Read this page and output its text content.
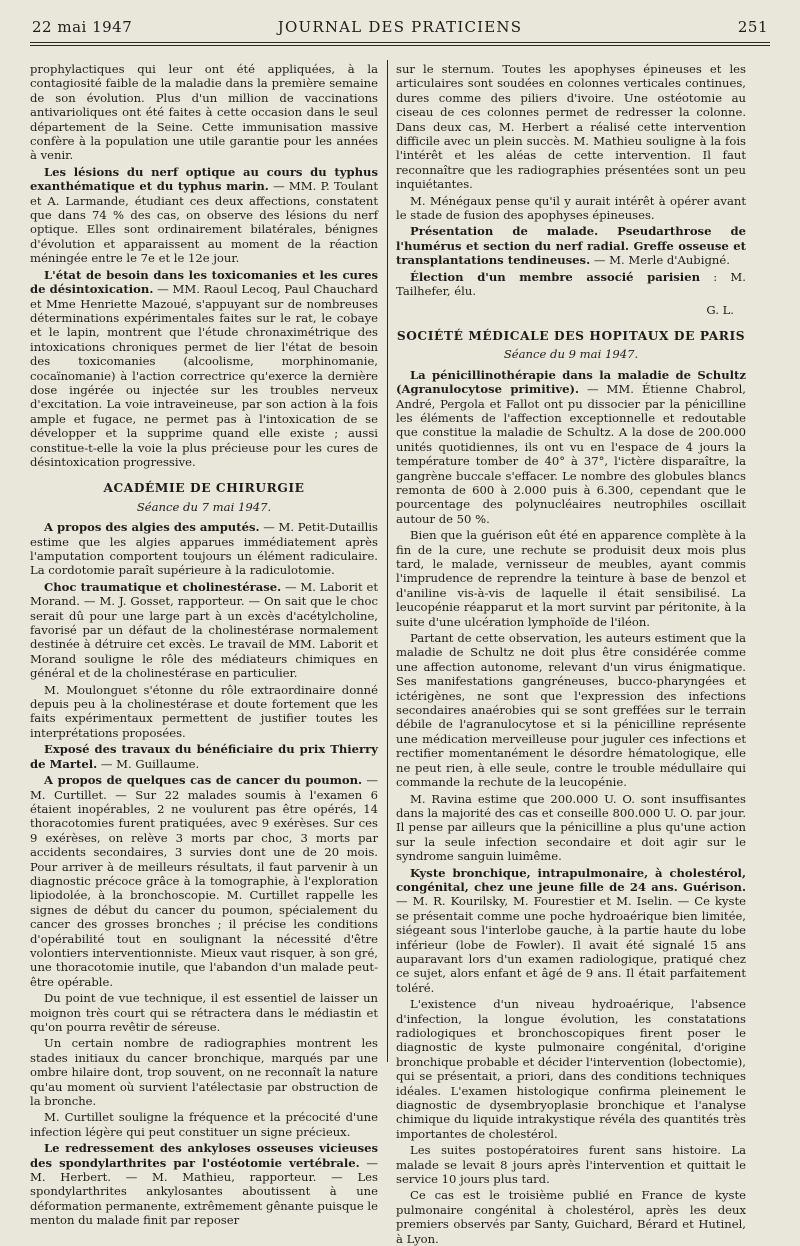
22 mai 1947	JOURNAL DES PRATICIENS	251

prophylactiques qui leur ont été appliquées, à la contagiosité faible de la maladie dans la première semaine de son évolution. Plus d'un million de vaccinations antivarioliques ont été faites à cette occasion dans le seul département de la Seine. Cette immunisation massive confère à la population une utile garantie pour les années à venir.

Les lésions du nerf optique au cours du typhus exanthématique et du typhus marin. — MM. P. Toulant et A. Larmande, étudiant ces deux affections, constatent que dans 74 % des cas, on observe des lésions du nerf optique. Elles sont ordinairement bilatérales, bénignes d'évolution et apparaissent au moment de la réaction méningée entre le 7e et le 12e jour.

L'état de besoin dans les toxicomanies et les cures de désintoxication. — MM. Raoul Lecoq, Paul Chauchard et Mme Henriette Mazoué, s'appuyant sur de nombreuses déterminations expérimentales faites sur le rat, le cobaye et le lapin, montrent que l'étude chronaximétrique des intoxications chroniques permet de lier l'état de besoin des toxicomanies (alcoolisme, morphinomanie, cocaïnomanie) à l'action correctrice qu'exerce la dernière dose ingérée ou injectée sur les troubles nerveux d'excitation. La voie intraveineuse, par son action à la fois ample et fugace, ne permet pas à l'intoxication de se développer et la supprime quand elle existe ; aussi constitue-t-elle la voie la plus précieuse pour les cures de désintoxication progressive.

ACADÉMIE DE CHIRURGIE
Séance du 7 mai 1947.

A propos des algies des amputés. — M. Petit-Dutaillis estime que les algies apparues immédiatement après l'amputation comportent toujours un élément radiculaire. La cordotomie paraît supérieure à la radiculotomie.

Choc traumatique et cholinestérase. — M. Laborit et Morand. — M. J. Gosset, rapporteur. — On sait que le choc serait dû pour une large part à un excès d'acétylcholine, favorisé par un défaut de la cholinestérase normalement destinée à détruire cet excès. Le travail de MM. Laborit et Morand souligne le rôle des médiateurs chimiques en général et de la cholinestérase en particulier.

M. Moulonguet s'étonne du rôle extraordinaire donné depuis peu à la cholinestérase et doute fortement que les faits expérimentaux permettent de justifier toutes les interprétations proposées.

Exposé des travaux du bénéficiaire du prix Thierry de Martel. — M. Guillaume.

A propos de quelques cas de cancer du poumon. — M. Curtillet. — Sur 22 malades soumis à l'examen 6 étaient inopérables, 2 ne voulurent pas être opérés, 14 thoracotomies furent pratiquées, avec 9 exérèses. Sur ces 9 exérèses, on relève 3 morts par choc, 3 morts par accidents secondaires, 3 survies dont une de 20 mois. Pour arriver à de meilleurs résultats, il faut parvenir à un diagnostic précoce grâce à la tomographie, à l'exploration lipiodolée, à la bronchoscopie. M. Curtillet rappelle les signes de début du cancer du poumon, spécialement du cancer des grosses bronches ; il précise les conditions d'opérabilité tout en soulignant la nécessité d'être volontiers interventionniste. Mieux vaut risquer, à son gré, une thoracotomie inutile, que l'abandon d'un malade peut-être opérable.

Du point de vue technique, il est essentiel de laisser un moignon très court qui se rétractera dans le médiastin et qu'on pourra revêtir de séreuse.

Un certain nombre de radiographies montrent les stades initiaux du cancer bronchique, marqués par une ombre hilaire dont, trop souvent, on ne reconnaît la nature qu'au moment où survient l'atélectasie par obstruction de la bronche.

M. Curtillet souligne la fréquence et la précocité d'une infection légère qui peut constituer un signe précieux.

Le redressement des ankyloses osseuses vicieuses des spondylarthrites par l'ostéotomie vertébrale. — M. Herbert. — M. Mathieu, rapporteur. — Les spondylarthrites ankylosantes aboutissent à une déformation permanente, extrêmement gênante puisque le menton du malade finit par reposer

sur le sternum. Toutes les apophyses épineuses et les articulaires sont soudées en colonnes verticales continues, dures comme des piliers d'ivoire. Une ostéotomie au ciseau de ces colonnes permet de redresser la colonne. Dans deux cas, M. Herbert a réalisé cette intervention difficile avec un plein succès. M. Mathieu souligne à la fois l'intérêt et les aléas de cette intervention. Il faut reconnaître que les radiographies présentées sont un peu inquiétantes.

M. Ménégaux pense qu'il y aurait intérêt à opérer avant le stade de fusion des apophyses épineuses.

Présentation de malade. Pseudarthrose de l'humérus et section du nerf radial. Greffe osseuse et transplantations tendineuses. — M. Merle d'Aubigné.

Élection d'un membre associé parisien : M. Tailhefer, élu.

G. L.
SOCIÉTÉ MÉDICALE DES HOPITAUX DE PARIS
Séance du 9 mai 1947.

La pénicillinothérapie dans la maladie de Schultz (Agranulocytose primitive). — MM. Étienne Chabrol, André, Pergola et Fallot ont pu dissocier par la pénicilline les éléments de l'affection exceptionnelle et redoutable que constitue la maladie de Schultz. A la dose de 200.000 unités quotidiennes, ils ont vu en l'espace de 4 jours la température tomber de 40° à 37°, l'ictère disparaître, la gangrène buccale s'effacer. Le nombre des globules blancs remonta de 600 à 2.000 puis à 6.300, cependant que le pourcentage des polynucléaires neutrophiles oscillait autour de 50 %.

Bien que la guérison eût été en apparence complète à la fin de la cure, une rechute se produisit deux mois plus tard, le malade, vernisseur de meubles, ayant commis l'imprudence de reprendre la teinture à base de benzol et d'aniline vis-à-vis de laquelle il était sensibilisé. La leucopénie réapparut et la mort survint par péritonite, à la suite d'une ulcération lymphoïde de l'iléon.

Partant de cette observation, les auteurs estiment que la maladie de Schultz ne doit plus être considérée comme une affection autonome, relevant d'un virus énigmatique. Ses manifestations gangréneuses, bucco-pharyngées et ictérigènes, ne sont que l'expression des infections secondaires anaérobies qui se sont greffées sur le terrain débile de l'agranulocytose et si la pénicilline représente une médication merveilleuse pour juguler ces infections et rectifier momentanément le désordre hématologique, elle ne peut rien, à elle seule, contre le trouble médullaire qui commande la rechute de la leucopénie.

M. Ravina estime que 200.000 U. O. sont insuffisantes dans la majorité des cas et conseille 800.000 U. O. par jour. Il pense par ailleurs que la pénicilline a plus qu'une action sur la seule infection secondaire et doit agir sur le syndrome sanguin luimême.

Kyste bronchique, intrapulmonaire, à cholestérol, congénital, chez une jeune fille de 24 ans. Guérison. — M. R. Kourilsky, M. Fourestier et M. Iselin. — Ce kyste se présentait comme une poche hydroaérique bien limitée, siégeant sous l'interlobe gauche, à la partie haute du lobe inférieur (lobe de Fowler). Il avait été signalé 15 ans auparavant lors d'un examen radiologique, pratiqué chez ce sujet, alors enfant et âgé de 9 ans. Il était parfaitement toléré.

L'existence d'un niveau hydroaérique, l'absence d'infection, la longue évolution, les constatations radiologiques et bronchoscopiques firent poser le diagnostic de kyste pulmonaire congénital, d'origine bronchique probable et décider l'intervention (lobectomie), qui se présentait, a priori, dans des conditions techniques idéales. L'examen histologique confirma pleinement le diagnostic de dysembryoplasie bronchique et l'analyse chimique du liquide intrakystique révéla des quantités très importantes de cholestérol.

Les suites postopératoires furent sans histoire. La malade se levait 8 jours après l'intervention et quittait le service 10 jours plus tard.

Ce cas est le troisième publié en France de kyste pulmonaire congénital à cholestérol, après les deux premiers observés par Santy, Guichard, Bérard et Hutinel, à Lyon.
